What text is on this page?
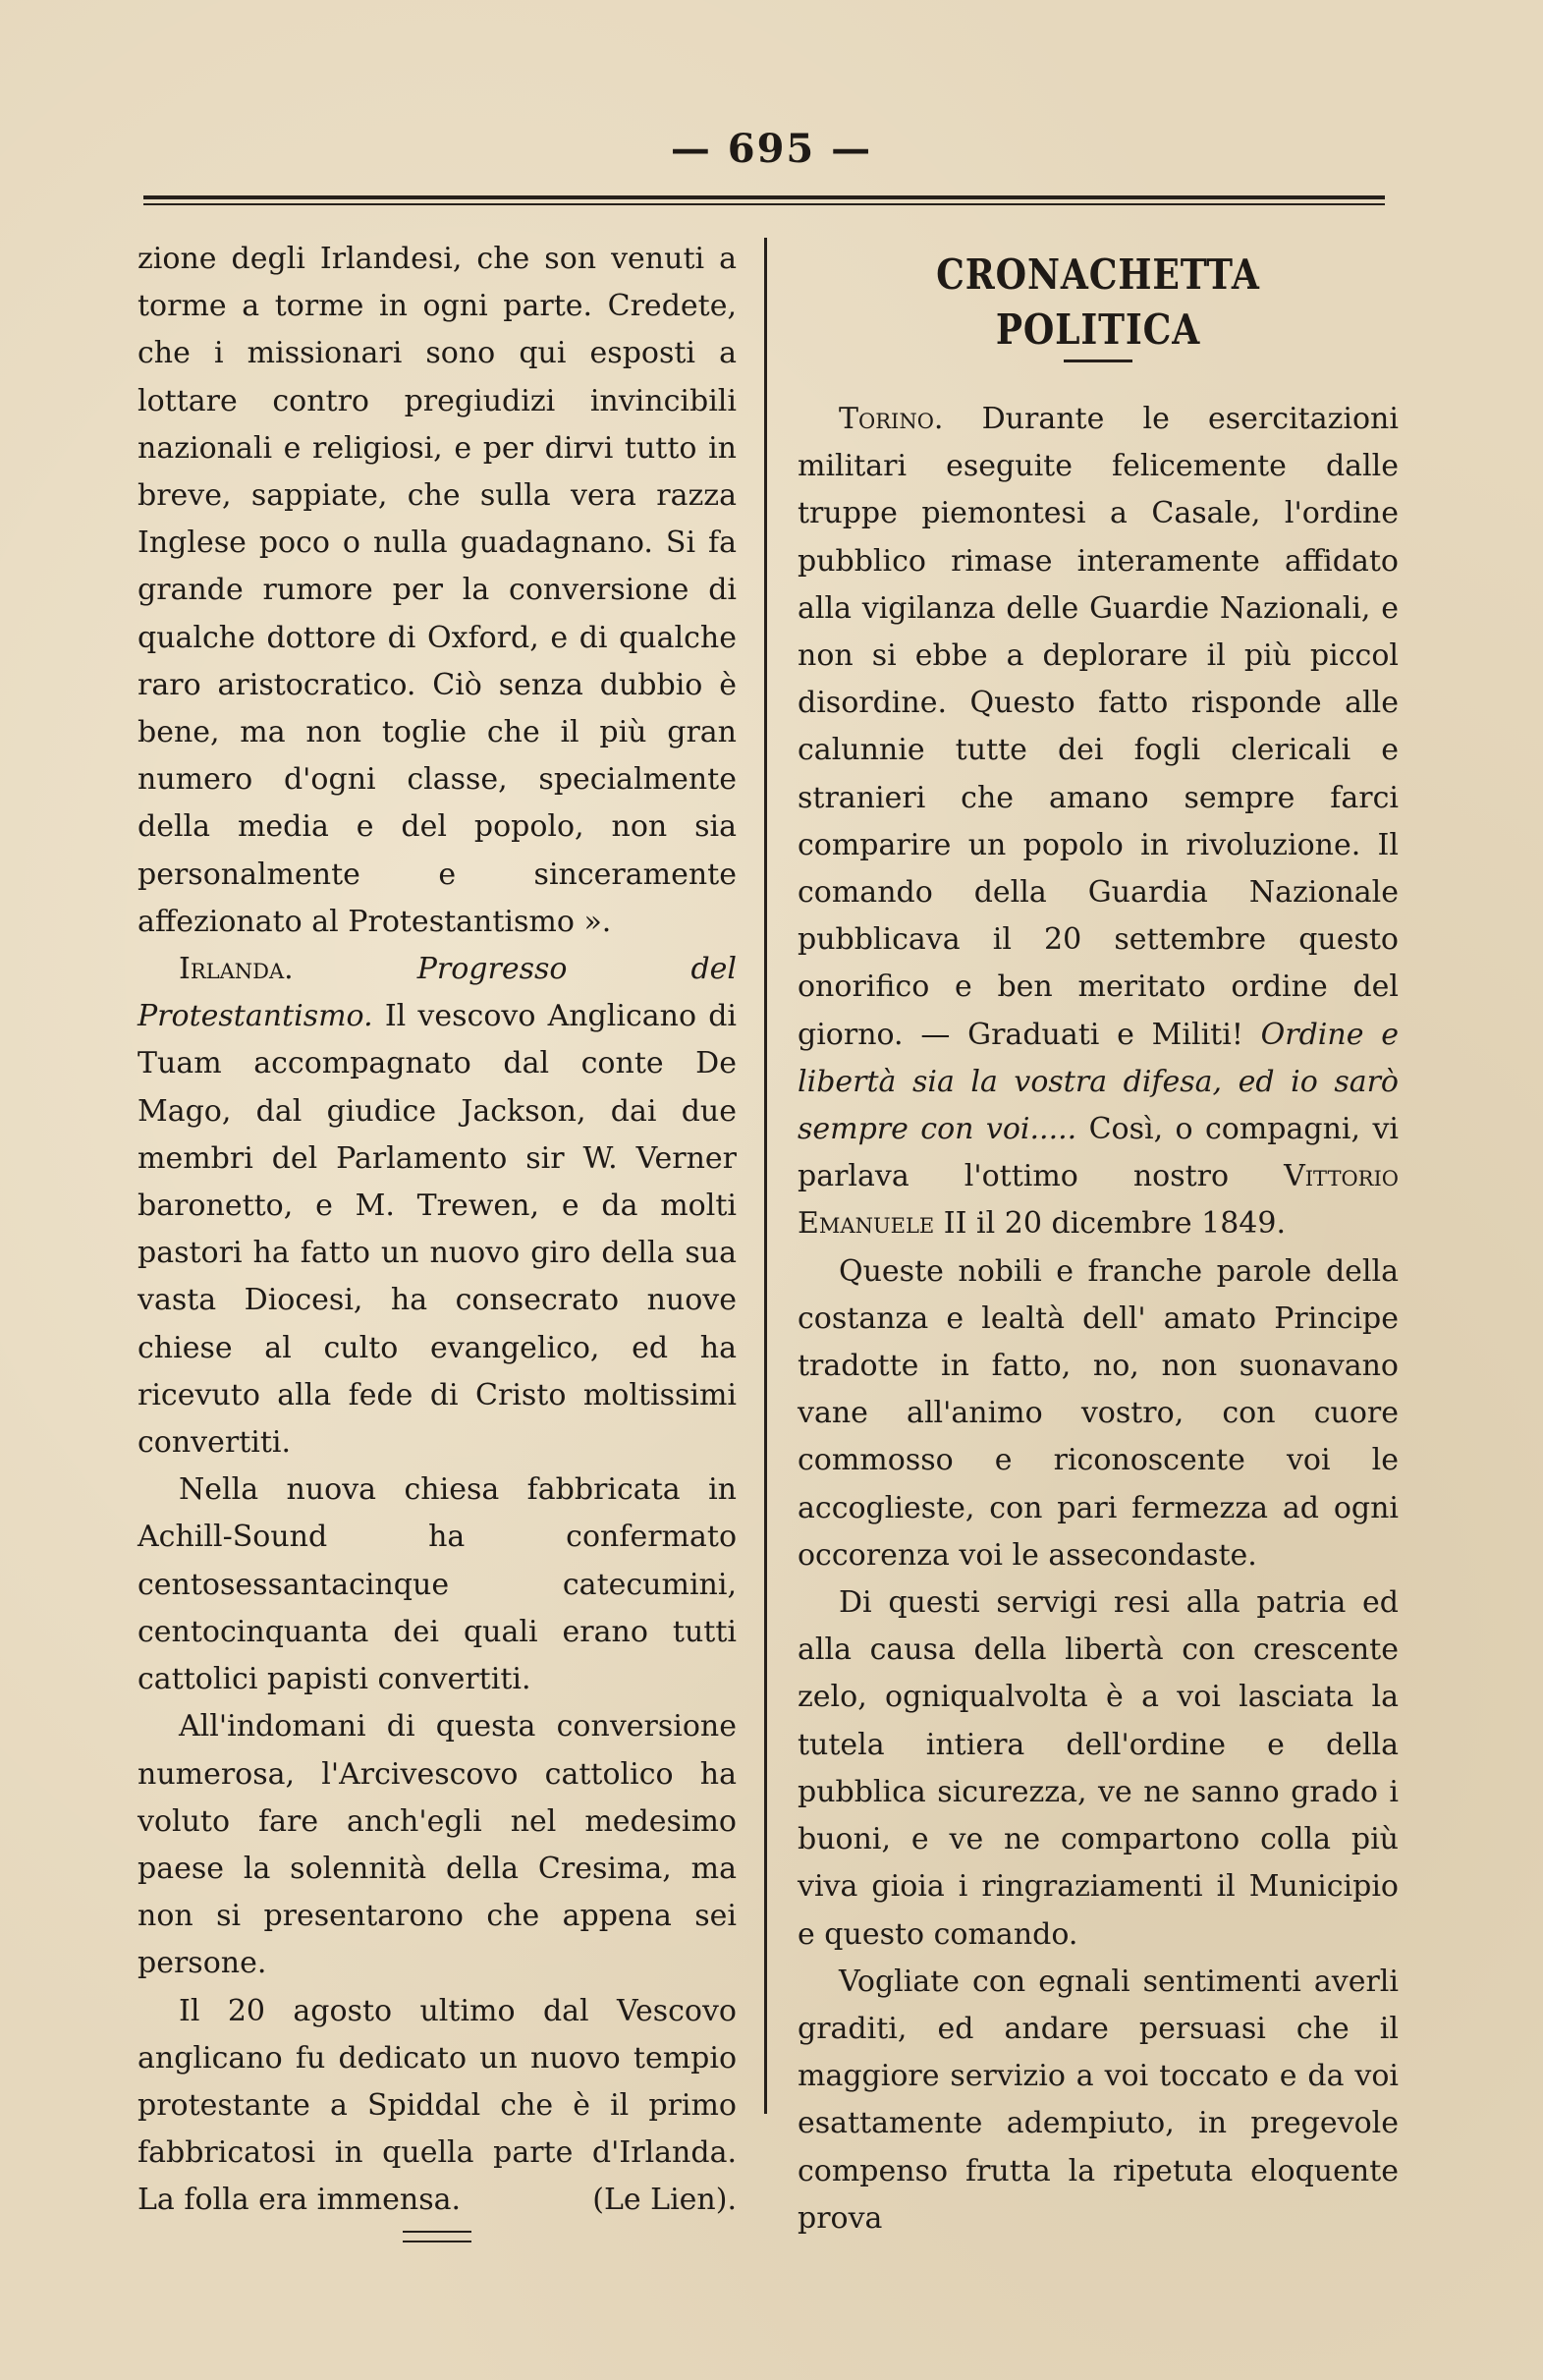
— 695 —

zione degli Irlandesi, che son venuti a torme a torme in ogni parte. Credete, che i missionari sono qui esposti a lottare contro pregiudizi invincibili nazionali e religiosi, e per dirvi tutto in breve, sappiate, che sulla vera razza Inglese poco o nulla guadagnano. Si fa grande rumore per la conversione di qualche dottore di Oxford, e di qualche raro aristocratico. Ciò senza dubbio è bene, ma non toglie che il più gran numero d'ogni classe, specialmente della media e del popolo, non sia personalmente e sinceramente affezionato al Protestantismo ».

Irlanda.	Progresso del Protestantismo. Il vescovo Anglicano di Tuam accompagnato dal conte De Mago, dal giudice Jackson, dai due membri del Parlamento sir W. Verner baronetto, e M. Trewen, e da molti pastori ha fatto un nuovo giro della sua vasta Diocesi, ha consecrato nuove chiese al culto evangelico, ed ha ricevuto alla fede di Cristo moltissimi convertiti.

Nella nuova chiesa fabbricata in Achill-Sound ha confermato centosessantacinque catecumini, centocinquanta dei quali erano tutti cattolici papisti convertiti.

All'indomani di questa conversione numerosa, l'Arcivescovo cattolico ha voluto fare anch'egli nel medesimo paese la solennità della Cresima, ma non si presentarono che appena sei persone.

Il 20 agosto ultimo dal Vescovo anglicano fu dedicato un nuovo tempio protestante a Spiddal che è il primo fabbricatosi in quella parte d'Irlanda. La folla era immensa.	(Le Lien).

CRONACHETTA POLITICA

Torino. Durante le esercitazioni militari eseguite felicemente dalle truppe piemontesi a Casale, l'ordine pubblico rimase interamente affidato alla vigilanza delle Guardie Nazionali, e non si ebbe a deplorare il più piccol disordine. Questo fatto risponde alle calunnie tutte dei fogli clericali e stranieri che amano sempre farci comparire un popolo in rivoluzione. Il comando della Guardia Nazionale pubblicava il 20 settembre questo onorifico e ben meritato ordine del giorno. — Graduati e Militi! Ordine e libertà sia la vostra difesa, ed io sarò sempre con voi..... Così, o compagni, vi parlava l'ottimo nostro Vittorio Emanuele II il 20 dicembre 1849.

Queste nobili e franche parole della costanza e lealtà dell' amato Principe tradotte in fatto, no, non suonavano vane all'animo vostro, con cuore commosso e riconoscente voi le accoglieste, con pari fermezza ad ogni occorenza voi le assecondaste.

Di questi servigi resi alla patria ed alla causa della libertà con crescente zelo, ogniqualvolta è a voi lasciata la tutela intiera dell'ordine e della pubblica sicurezza, ve ne sanno grado i buoni, e ve ne compartono colla più viva gioia i ringraziamenti il Municipio e questo comando.

Vogliate con egnali sentimenti averli graditi, ed andare persuasi che il maggiore servizio a voi toccato e da voi esattamente adempiuto, in pregevole compenso frutta la ripetuta eloquente prova
